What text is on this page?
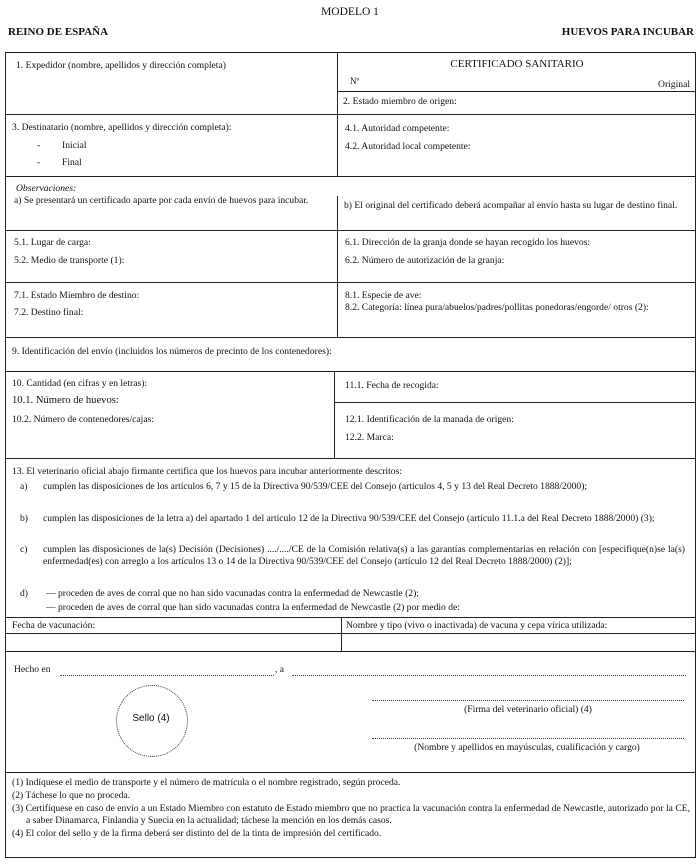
MODELO 1
REINO DE ESPAÑA	HUEVOS PARA INCUBAR
1. Expedidor (nombre, apellidos y dirección completa)	CERTIFICADO SANITARIO
Nº	Original
2. Estado miembro de origen:
3. Destinatario (nombre, apellidos y dirección completa):
- Inicial
- Final
4.1. Autoridad competente:
4.2. Autoridad local competente:
Observaciones:
a) Se presentará un certificado aparte por cada envío de huevos para incubar.	b) El original del certificado deberá acompañar al envío hasta su lugar de destino final.
5.1. Lugar de carga:
5.2. Medio de transporte (1):
6.1. Dirección de la granja donde se hayan recogido los huevos:
6.2. Número de autorización de la granja:
7.1. Estado Miembro de destino:
7.2. Destino final:
8.1. Especie de ave:
8.2. Categoría: línea pura/abuelos/padres/pollitas ponedoras/engorde/ otros (2):
9. Identificación del envío (incluidos los números de precinto de los contenedores):
10. Cantidad (en cifras y en letras):
10.1. Número de huevos:
10.2. Número de contenedores/cajas:
11.1. Fecha de recogida:
12.1. Identificación de la manada de origen:
12.2. Marca:
13. El veterinario oficial abajo firmante certifica que los huevos para incubar anteriormente descritos:
a) cumplen las disposiciones de los artículos 6, 7 y 15 de la Directiva 90/539/CEE del Consejo (artículos 4, 5 y 13 del Real Decreto 1888/2000);
b) cumplen las disposiciones de la letra a) del apartado 1 del artículo 12 de la Directiva 90/539/CEE del Consejo (artículo 11.1.a del Real Decreto 1888/2000) (3);
c) cumplen las disposiciones de la(s) Decisión (Decisiones) ..../..../CE de la Comisión relativa(s) a las garantías complementarias en relación con [especifique(n)se la(s) enfermedad(es) con arreglo a los artículos 13 o 14 de la Directiva 90/539/CEE del Consejo (artículo 12 del Real Decreto 1888/2000) (2)];
d) — proceden de aves de corral que no han sido vacunadas contra la enfermedad de Newcastle (2);
— proceden de aves de corral que han sido vacunadas contra la enfermedad de Newcastle (2) por medio de:
Fecha de vacunación:	Nombre y tipo (vivo o inactivada) de vacuna y cepa vírica utilizada:
Hecho en	, a
Sello (4)
(Firma del veterinario oficial) (4)
(Nombre y apellidos en mayúsculas, cualificación y cargo)
(1) Indíquese el medio de transporte y el número de matrícula o el nombre registrado, según proceda.
(2) Táchese lo que no proceda.
(3) Certifíquese en caso de envío a un Estado Miembro con estatuto de Estado miembro que no practica la vacunación contra la enfermedad de Newcastle, autorizado por la CE, a saber Dinamarca, Finlandia y Suecia en la actualidad; táchese la mención en los demás casos.
(4) El color del sello y de la firma deberá ser distinto del de la tinta de impresión del certificado.
